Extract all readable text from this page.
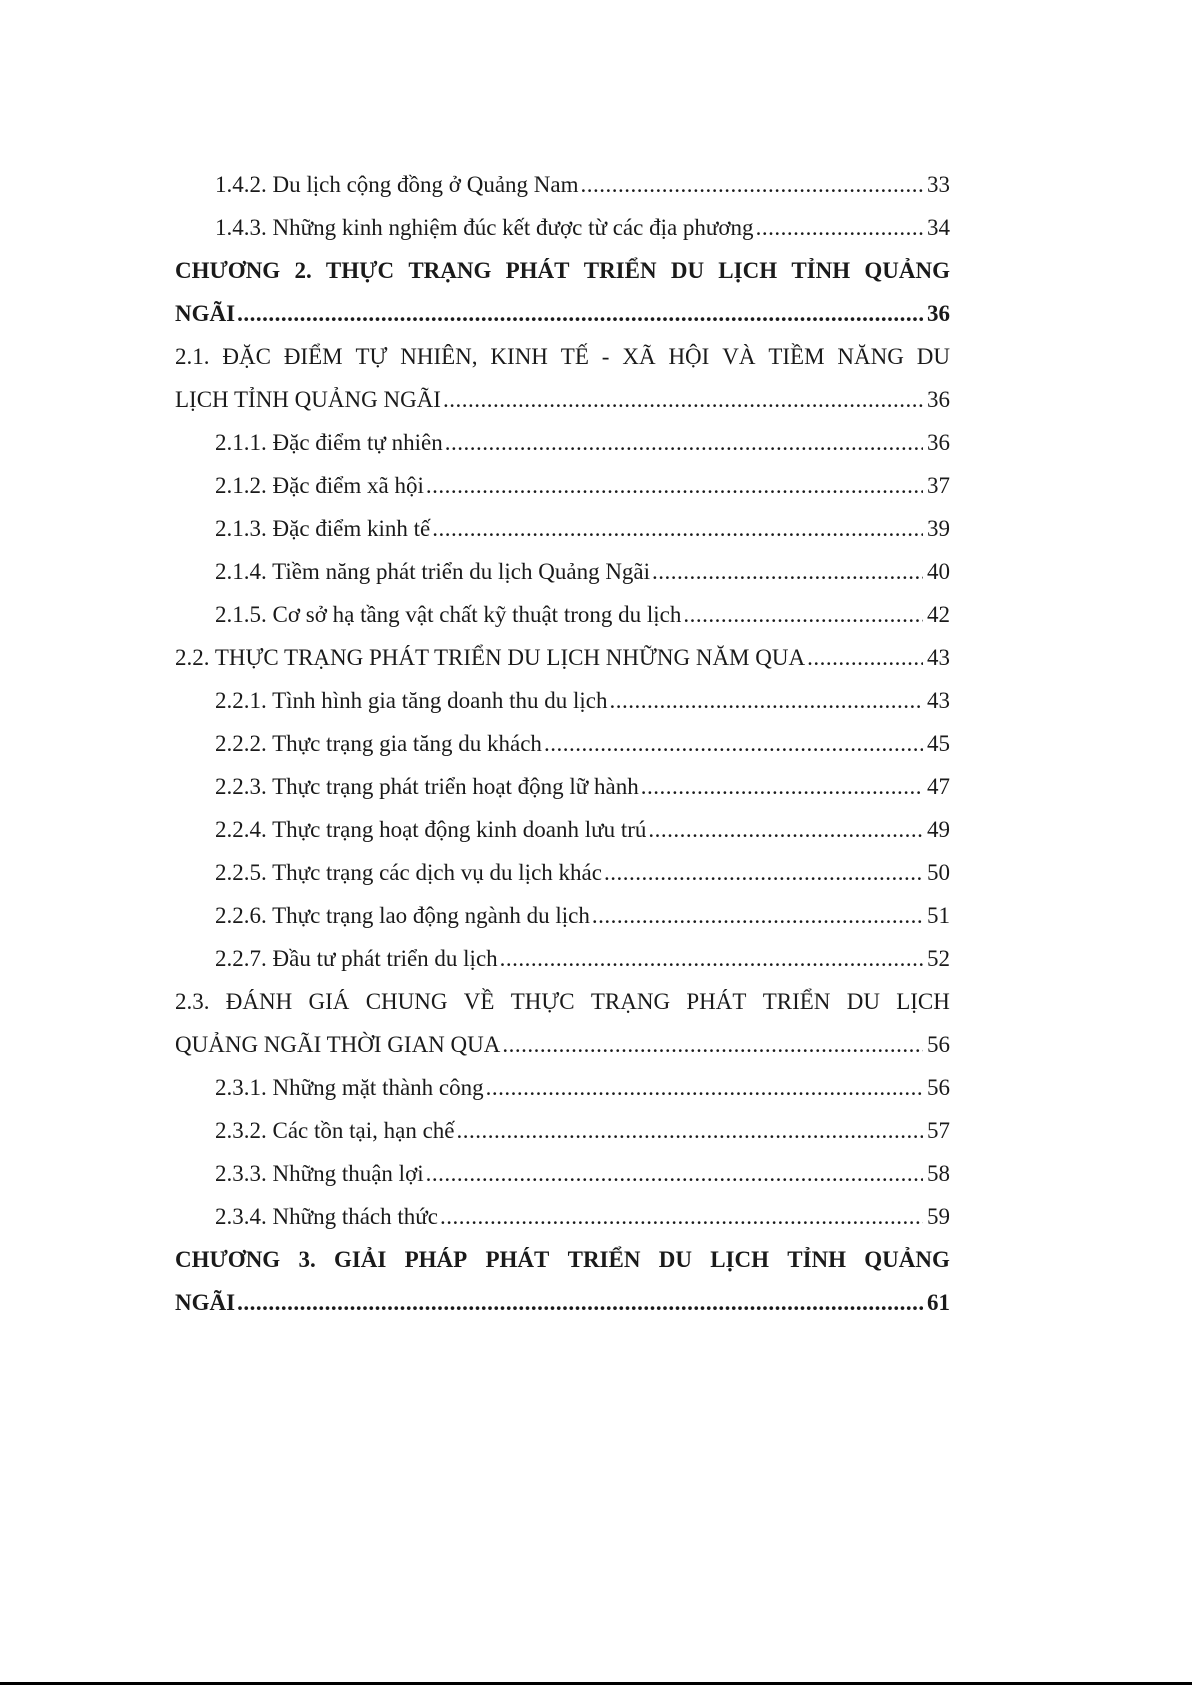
1.4.2. Du lịch cộng đồng ở Quảng Nam .....	33
1.4.3. Những kinh nghiệm đúc kết được từ các địa phương .....	34
CHƯƠNG 2. THỰC TRẠNG PHÁT TRIỂN DU LỊCH TỈNH QUẢNG
NGÃI .....	36
2.1. ĐẶC ĐIỂM TỰ NHIÊN, KINH TẾ - XÃ HỘI VÀ TIỀM NĂNG DU
LỊCH TỈNH QUẢNG NGÃI .....	36
2.1.1. Đặc điểm tự nhiên .....	36
2.1.2. Đặc điểm xã hội .....	37
2.1.3. Đặc điểm kinh tế .....	39
2.1.4. Tiềm năng phát triển du lịch Quảng Ngãi .....	40
2.1.5. Cơ sở hạ tầng vật chất kỹ thuật trong du lịch .....	42
2.2. THỰC TRẠNG PHÁT TRIỂN DU LỊCH NHỮNG NĂM QUA .....	43
2.2.1. Tình hình gia tăng doanh thu du lịch .....	43
2.2.2. Thực trạng gia tăng du khách .....	45
2.2.3. Thực trạng phát triển hoạt động lữ hành .....	47
2.2.4. Thực trạng hoạt động kinh doanh lưu trú .....	49
2.2.5. Thực trạng các dịch vụ du lịch khác .....	50
2.2.6. Thực trạng lao động ngành du lịch .....	51
2.2.7. Đầu tư phát triển du lịch .....	52
2.3. ĐÁNH GIÁ CHUNG VỀ THỰC TRẠNG PHÁT TRIỂN DU LỊCH
QUẢNG NGÃI THỜI GIAN QUA .....	56
2.3.1. Những mặt thành công .....	56
2.3.2. Các tồn tại, hạn chế .....	57
2.3.3. Những thuận lợi .....	58
2.3.4. Những thách thức .....	59
CHƯƠNG 3. GIẢI PHÁP PHÁT TRIỂN DU LỊCH TỈNH QUẢNG
NGÃI .....	61
